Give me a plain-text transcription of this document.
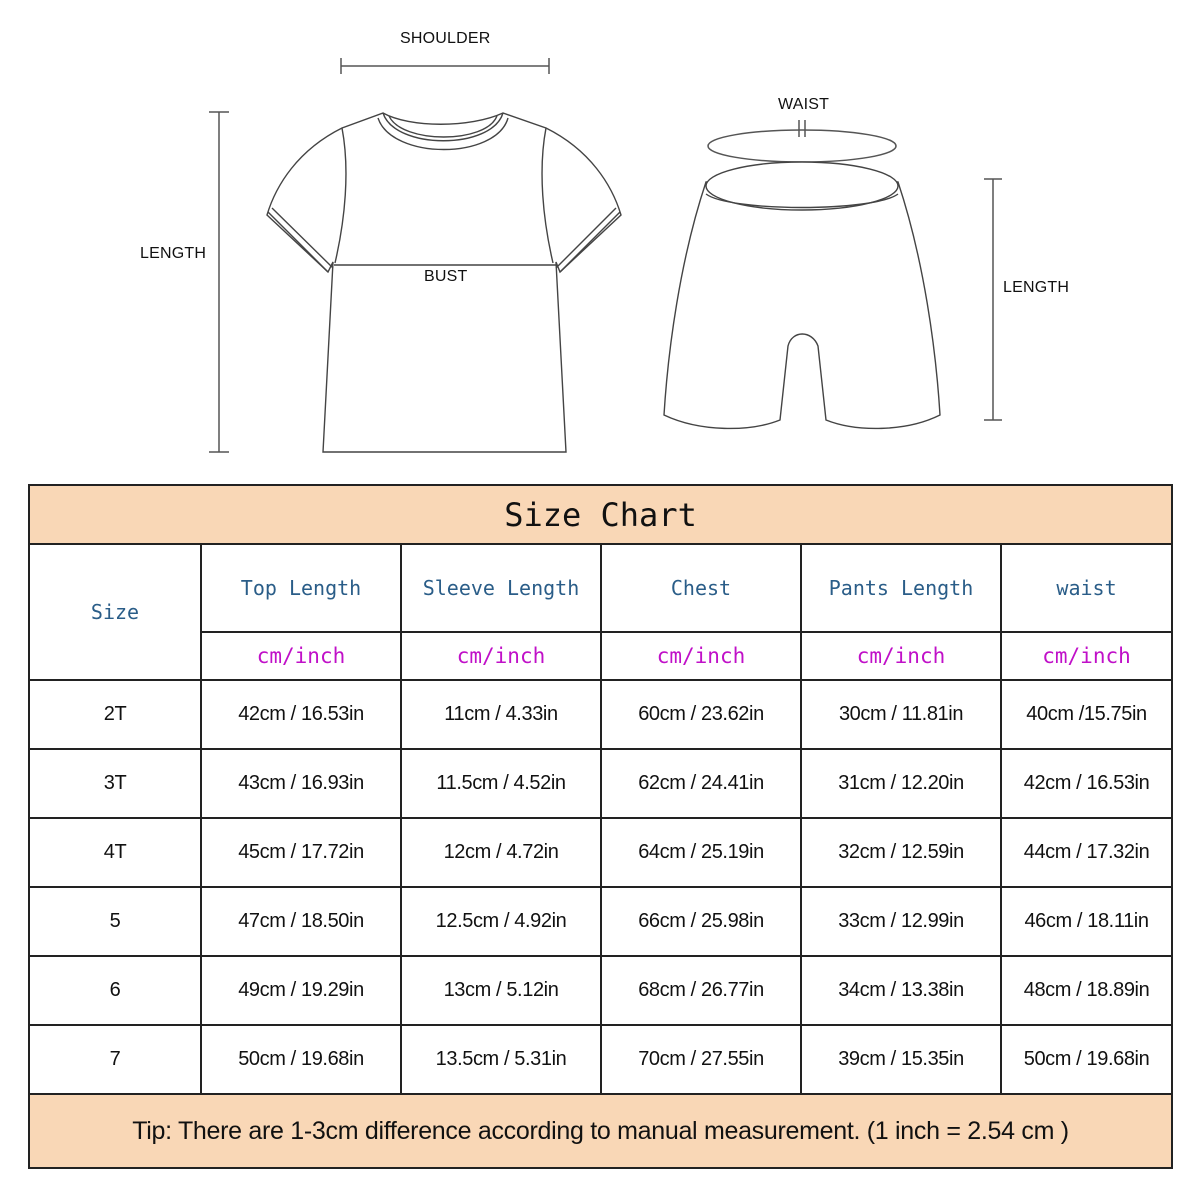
SHOULDER
LENGTH
BUST
WAIST
LENGTH
Size Chart					
Size	Top Length	Sleeve Length	Chest	Pants Length	waist
	cm/inch	cm/inch	cm/inch	cm/inch	cm/inch
2T	42cm / 16.53in	11cm / 4.33in	60cm / 23.62in	30cm / 11.81in	40cm /15.75in
3T	43cm / 16.93in	11.5cm / 4.52in	62cm / 24.41in	31cm / 12.20in	42cm / 16.53in
4T	45cm / 17.72in	12cm / 4.72in	64cm / 25.19in	32cm / 12.59in	44cm / 17.32in
5	47cm / 18.50in	12.5cm / 4.92in	66cm / 25.98in	33cm / 12.99in	46cm / 18.11in
6	49cm / 19.29in	13cm / 5.12in	68cm / 26.77in	34cm / 13.38in	48cm / 18.89in
7	50cm / 19.68in	13.5cm / 5.31in	70cm / 27.55in	39cm / 15.35in	50cm / 19.68in
Tip: There are 1-3cm difference according to manual measurement. (1 inch = 2.54 cm )					
